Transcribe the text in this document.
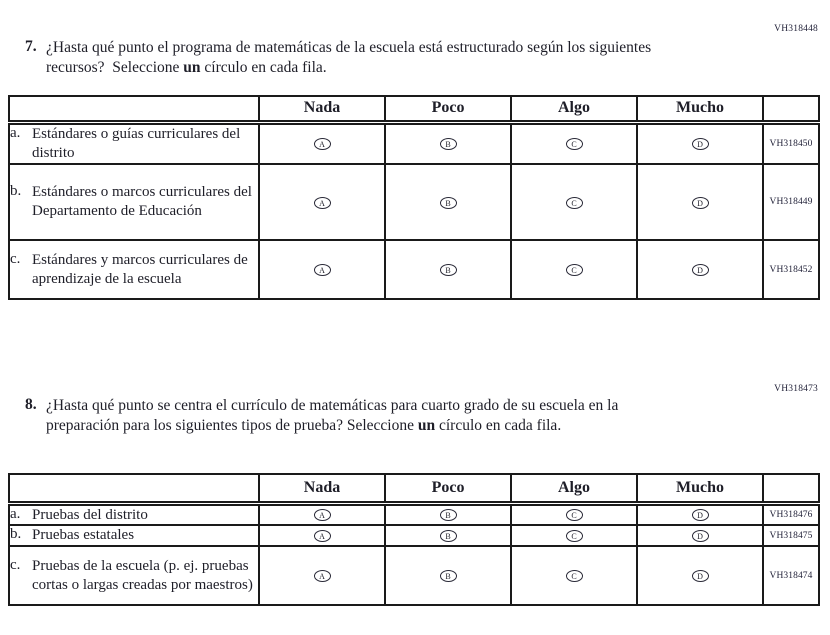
VH318448
7. ¿Hasta qué punto el programa de matemáticas de la escuela está estructurado según los siguientes recursos?  Seleccione un círculo en cada fila.

	Nada	Poco	Algo	Mucho	

a. Estándares o guías curriculares del distrito	A	B	C	D	VH318450

b. Estándares o marcos curriculares del Departamento de Educación	A	B	C	D	VH318449

c. Estándares y marcos curriculares de aprendizaje de la escuela	A	B	C	D	VH318452
VH318473
8. ¿Hasta qué punto se centra el currículo de matemáticas para cuarto grado de su escuela en la preparación para los siguientes tipos de prueba? Seleccione un círculo en cada fila.

	Nada	Poco	Algo	Mucho	

a. Pruebas del distrito	A	B	C	D	VH318476

b. Pruebas estatales	A	B	C	D	VH318475

c. Pruebas de la escuela (p. ej. pruebas cortas o largas creadas por maestros)	A	B	C	D	VH318474
